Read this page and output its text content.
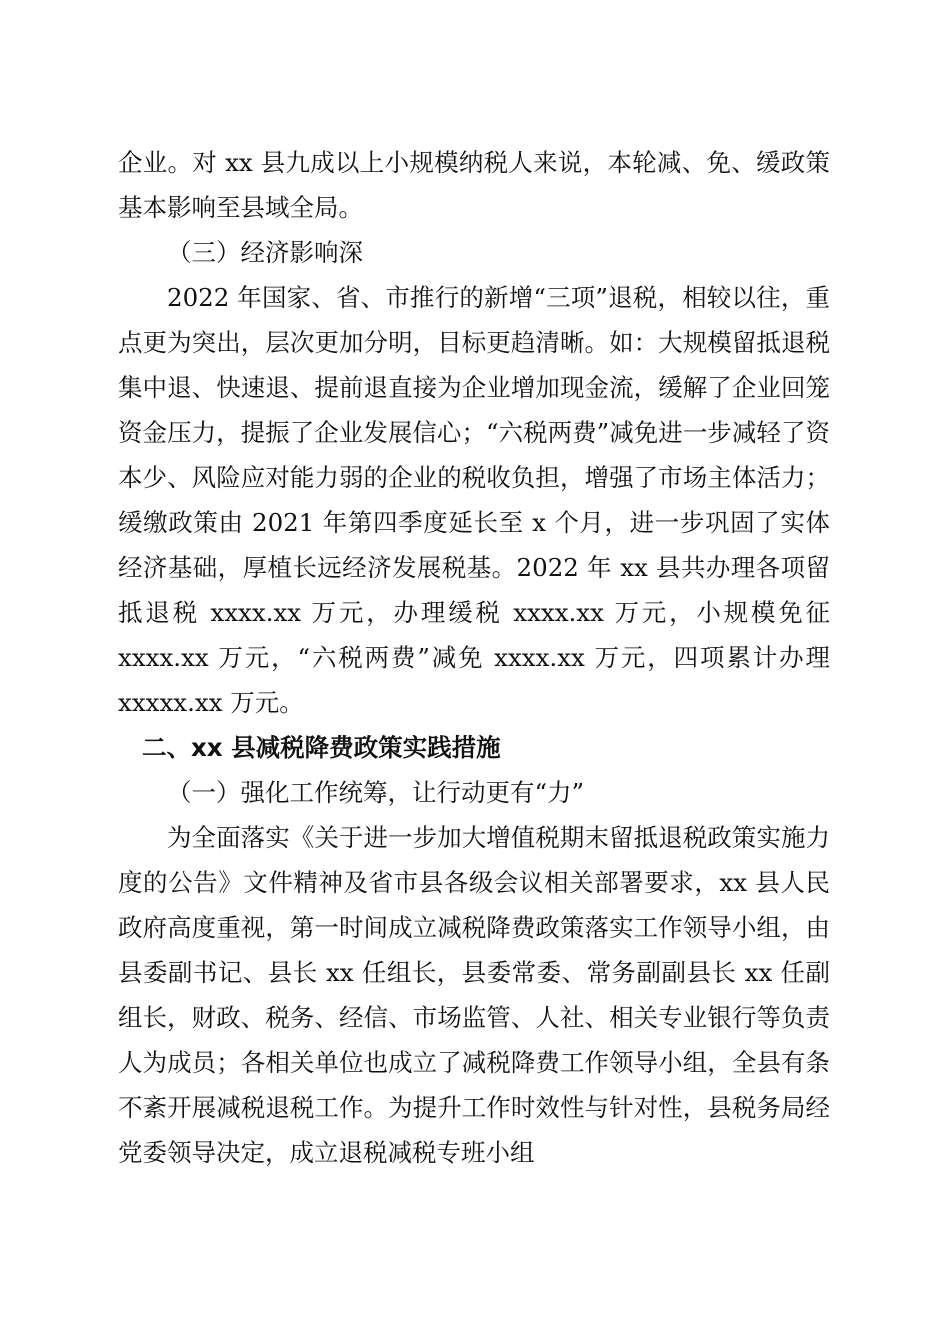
企业。对 xx 县九成以上小规模纳税人来说，本轮减、免、缓政策基本影响至县域全局。

（三）经济影响深

2022 年国家、省、市推行的新增“三项”退税，相较以往，重点更为突出，层次更加分明，目标更趋清晰。如：大规模留抵退税集中退、快速退、提前退直接为企业增加现金流，缓解了企业回笼资金压力，提振了企业发展信心；“六税两费”减免进一步减轻了资本少、风险应对能力弱的企业的税收负担，增强了市场主体活力；缓缴政策由 2021 年第四季度延长至 x 个月，进一步巩固了实体经济基础，厚植长远经济发展税基。2022 年 xx 县共办理各项留抵退税 xxxx.xx 万元，办理缓税 xxxx.xx 万元，小规模免征 xxxx.xx 万元，“六税两费”减免 xxxx.xx 万元，四项累计办理 xxxxx.xx 万元。

二、xx 县减税降费政策实践措施

（一）强化工作统筹，让行动更有“力”

为全面落实《关于进一步加大增值税期末留抵退税政策实施力度的公告》文件精神及省市县各级会议相关部署要求，xx 县人民政府高度重视，第一时间成立减税降费政策落实工作领导小组，由县委副书记、县长 xx 任组长，县委常委、常务副副县长 xx 任副组长，财政、税务、经信、市场监管、人社、相关专业银行等负责人为成员；各相关单位也成立了减税降费工作领导小组，全县有条不紊开展减税退税工作。为提升工作时效性与针对性，县税务局经党委领导决定，成立退税减税专班小组
